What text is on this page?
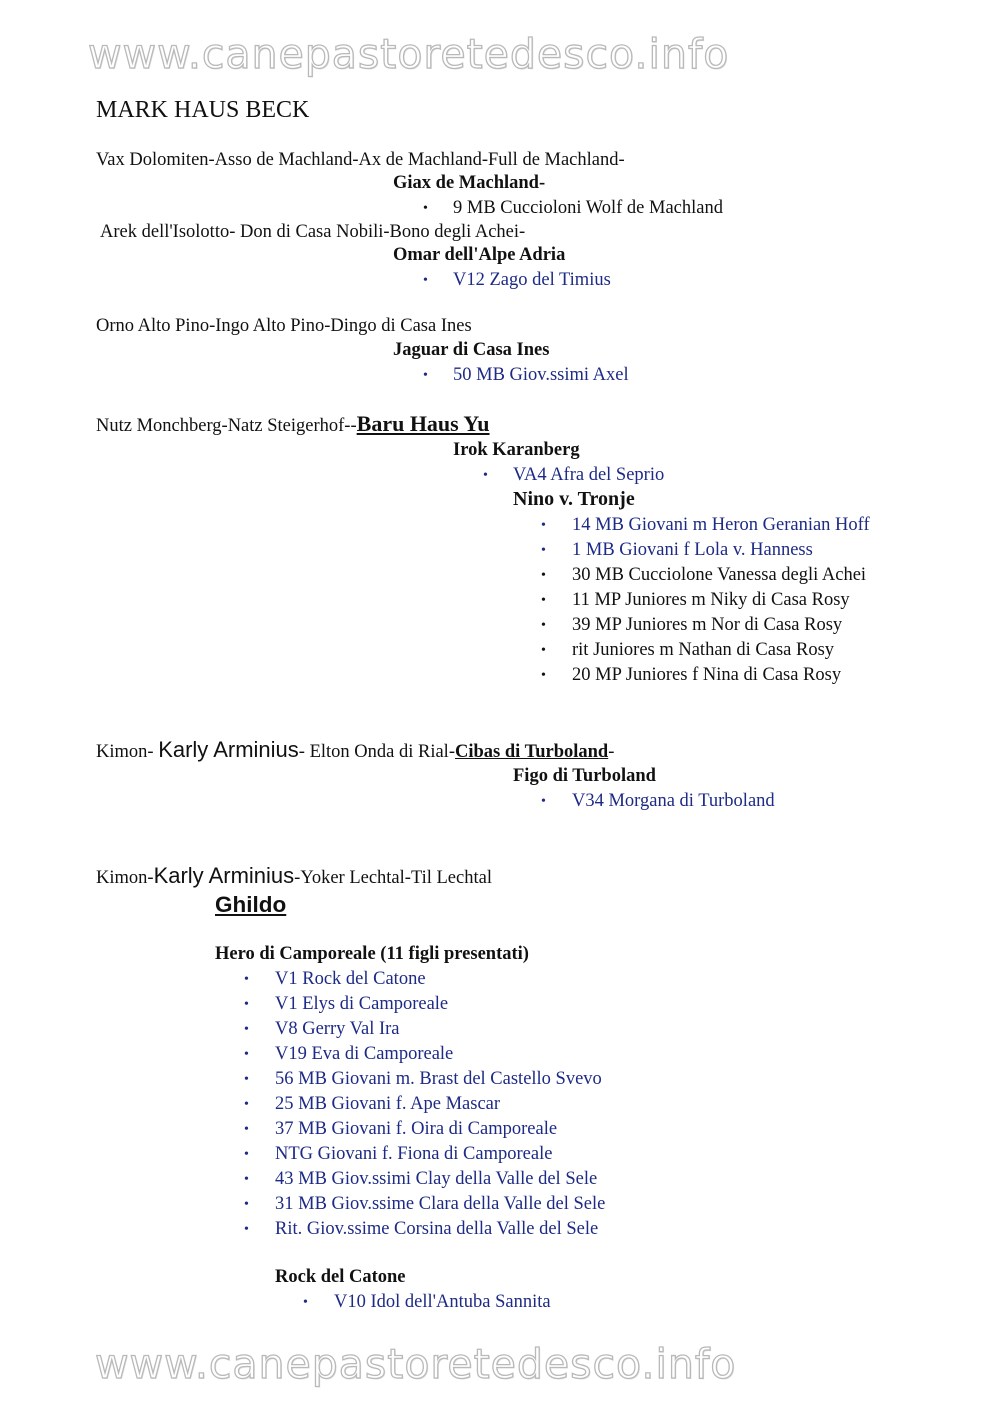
www.canepastoretedesco.info
www.canepastoretedesco.info
MARK HAUS BECK
Vax Dolomiten-Asso de Machland-Ax de Machland-Full de Machland-
Giax de Machland-
9 MB Cuccioloni Wolf de Machland
•
Arek dell'Isolotto- Don di Casa Nobili-Bono degli Achei-
Omar dell'Alpe Adria
• V12 Zago del Timius
Orno Alto Pino-Ingo Alto Pino-Dingo di Casa Ines
Jaguar di Casa Ines
• 50 MB Giov.ssimi Axel
Nutz Monchberg-Natz Steigerhof--Baru Haus Yu
Irok Karanberg
• VA4 Afra del Seprio
Nino v. Tronje
• 14 MB Giovani m Heron Geranian Hoff
• 1 MB Giovani f Lola v. Hanness
• 30 MB Cucciolone Vanessa degli Achei
• 11 MP Juniores m Niky di Casa Rosy
• 39 MP Juniores m Nor di Casa Rosy
• rit Juniores m Nathan di Casa Rosy
• 20 MP Juniores f Nina di Casa Rosy
Kimon- Karly Arminius- Elton Onda di Rial-Cibas di Turboland-
Figo di Turboland
• V34 Morgana di Turboland
Kimon-Karly Arminius-Yoker Lechtal-Til Lechtal
Ghildo
Hero di Camporeale (11 figli presentati)
• V1 Rock del Catone
• V1 Elys di Camporeale
• V8 Gerry Val Ira
• V19 Eva di Camporeale
• 56 MB Giovani m. Brast del Castello Svevo
• 25 MB Giovani f. Ape Mascar
• 37 MB Giovani f. Oira di Camporeale
• NTG Giovani f. Fiona di Camporeale
• 43 MB Giov.ssimi Clay della Valle del Sele
• 31 MB Giov.ssime Clara della Valle del Sele
• Rit. Giov.ssime Corsina della Valle del Sele
Rock del Catone
• V10 Idol dell'Antuba Sannita
